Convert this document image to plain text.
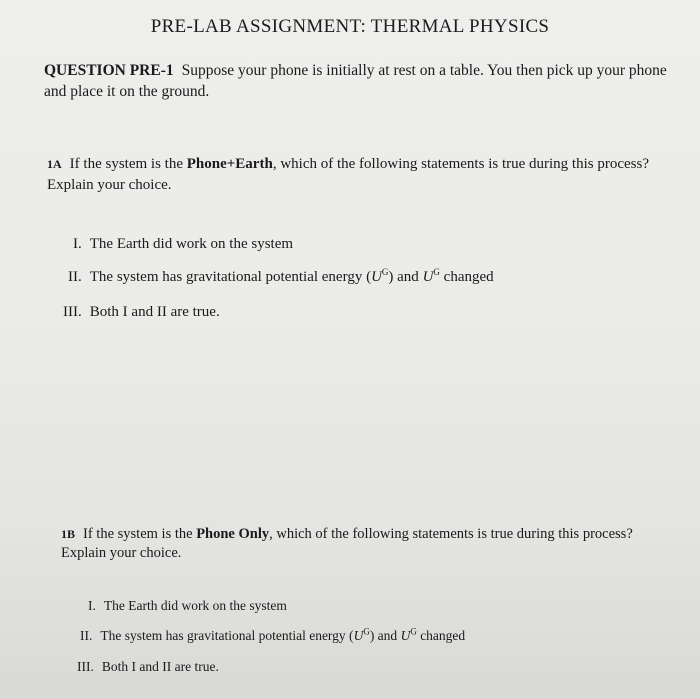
PRE-LAB ASSIGNMENT: THERMAL PHYSICS
QUESTION PRE-1 Suppose your phone is initially at rest on a table. You then pick up your phone and place it on the ground.
1A If the system is the Phone+Earth, which of the following statements is true during this process? Explain your choice.
I. The Earth did work on the system
II. The system has gravitational potential energy $(U^G)$ and $U^G$ changed
III. Both I and II are true.
1B If the system is the Phone Only, which of the following statements is true during this process? Explain your choice.
I. The Earth did work on the system
II. The system has gravitational potential energy $(U^G)$ and $U^G$ changed
III. Both I and II are true.
